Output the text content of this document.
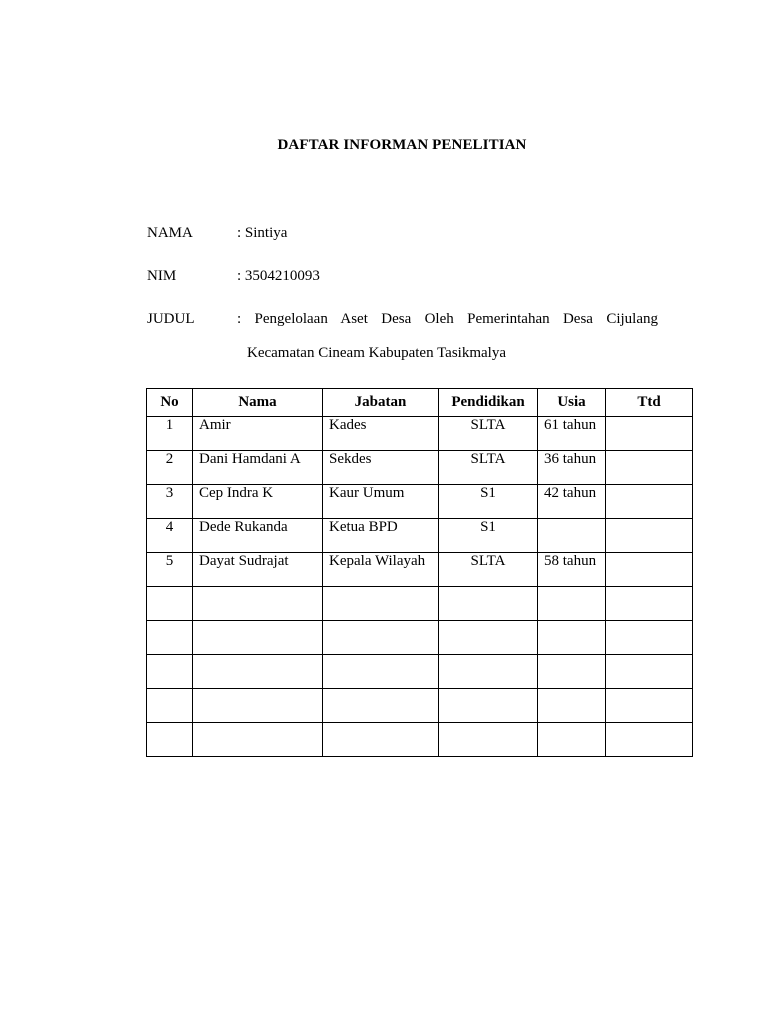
DAFTAR INFORMAN PENELITIAN
NAMA	: Sintiya
NIM	: 3504210093
JUDUL	: Pengelolaan Aset Desa Oleh Pemerintahan Desa Cijulang
Kecamatan Cineam Kabupaten Tasikmalya
No	Nama	Jabatan	Pendidikan	Usia	Ttd
1	Amir	Kades	SLTA	61 tahun	
2	Dani Hamdani A	Sekdes	SLTA	36 tahun	
3	Cep Indra K	Kaur Umum	S1	42 tahun	
4	Dede Rukanda	Ketua BPD	S1		
5	Dayat Sudrajat	Kepala Wilayah	SLTA	58 tahun	
